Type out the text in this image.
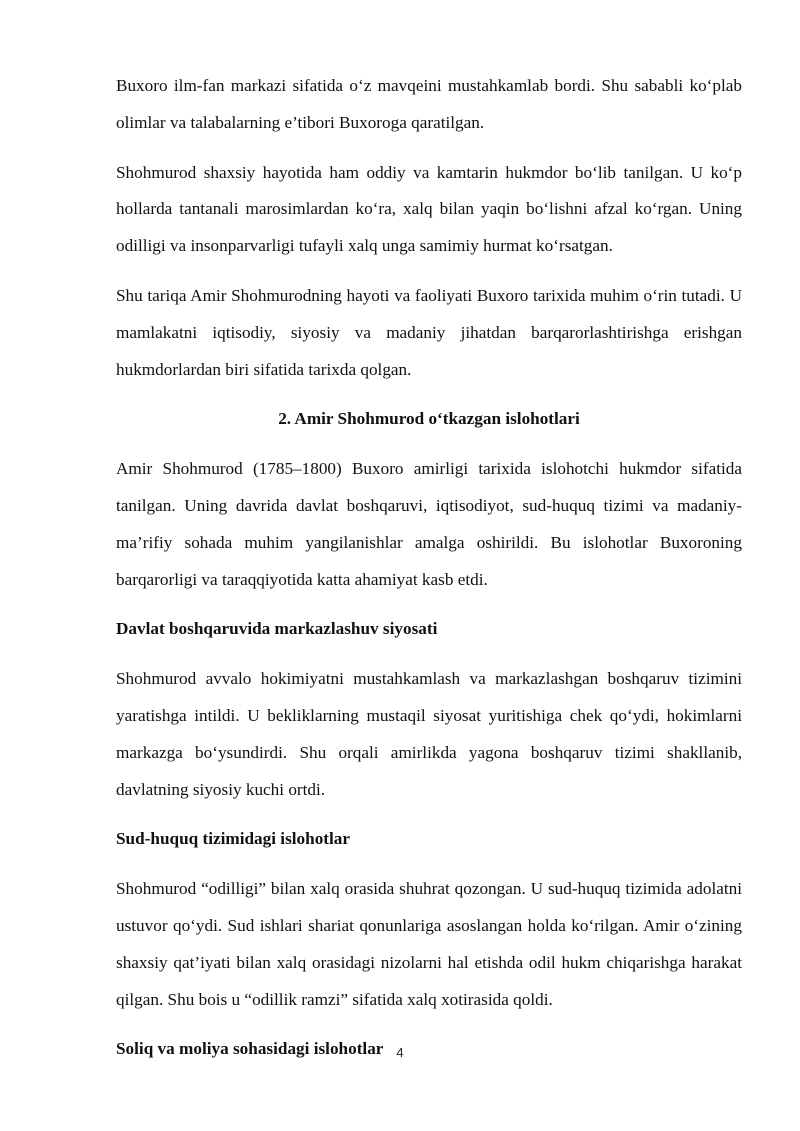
Buxoro ilm-fan markazi sifatida o‘z mavqeini mustahkamlab bordi. Shu sababli ko‘plab olimlar va talabalarning e’tibori Buxoroga qaratilgan.

Shohmurod shaxsiy hayotida ham oddiy va kamtarin hukmdor bo‘lib tanilgan. U ko‘p hollarda tantanali marosimlardan ko‘ra, xalq bilan yaqin bo‘lishni afzal ko‘rgan. Uning odilligi va insonparvarligi tufayli xalq unga samimiy hurmat ko‘rsatgan.

Shu tariqa Amir Shohmurodning hayoti va faoliyati Buxoro tarixida muhim o‘rin tutadi. U mamlakatni iqtisodiy, siyosiy va madaniy jihatdan barqarorlashtirishga erishgan hukmdorlardan biri sifatida tarixda qolgan.

2. Amir Shohmurod o‘tkazgan islohotlari

Amir Shohmurod (1785–1800) Buxoro amirligi tarixida islohotchi hukmdor sifatida tanilgan. Uning davrida davlat boshqaruvi, iqtisodiyot, sud-huquq tizimi va madaniy-ma’rifiy sohada muhim yangilanishlar amalga oshirildi. Bu islohotlar Buxoroning barqarorligi va taraqqiyotida katta ahamiyat kasb etdi.

Davlat boshqaruvida markazlashuv siyosati

Shohmurod avvalo hokimiyatni mustahkamlash va markazlashgan boshqaruv tizimini yaratishga intildi. U bekliklarning mustaqil siyosat yuritishiga chek qo‘ydi, hokimlarni markazga bo‘ysundirdi. Shu orqali amirlikda yagona boshqaruv tizimi shakllanib, davlatning siyosiy kuchi ortdi.

Sud-huquq tizimidagi islohotlar

Shohmurod “odilligi” bilan xalq orasida shuhrat qozongan. U sud-huquq tizimida adolatni ustuvor qo‘ydi. Sud ishlari shariat qonunlariga asoslangan holda ko‘rilgan. Amir o‘zining shaxsiy qat’iyati bilan xalq orasidagi nizolarni hal etishda odil hukm chiqarishga harakat qilgan. Shu bois u “odillik ramzi” sifatida xalq xotirasida qoldi.

Soliq va moliya sohasidagi islohotlar 4
